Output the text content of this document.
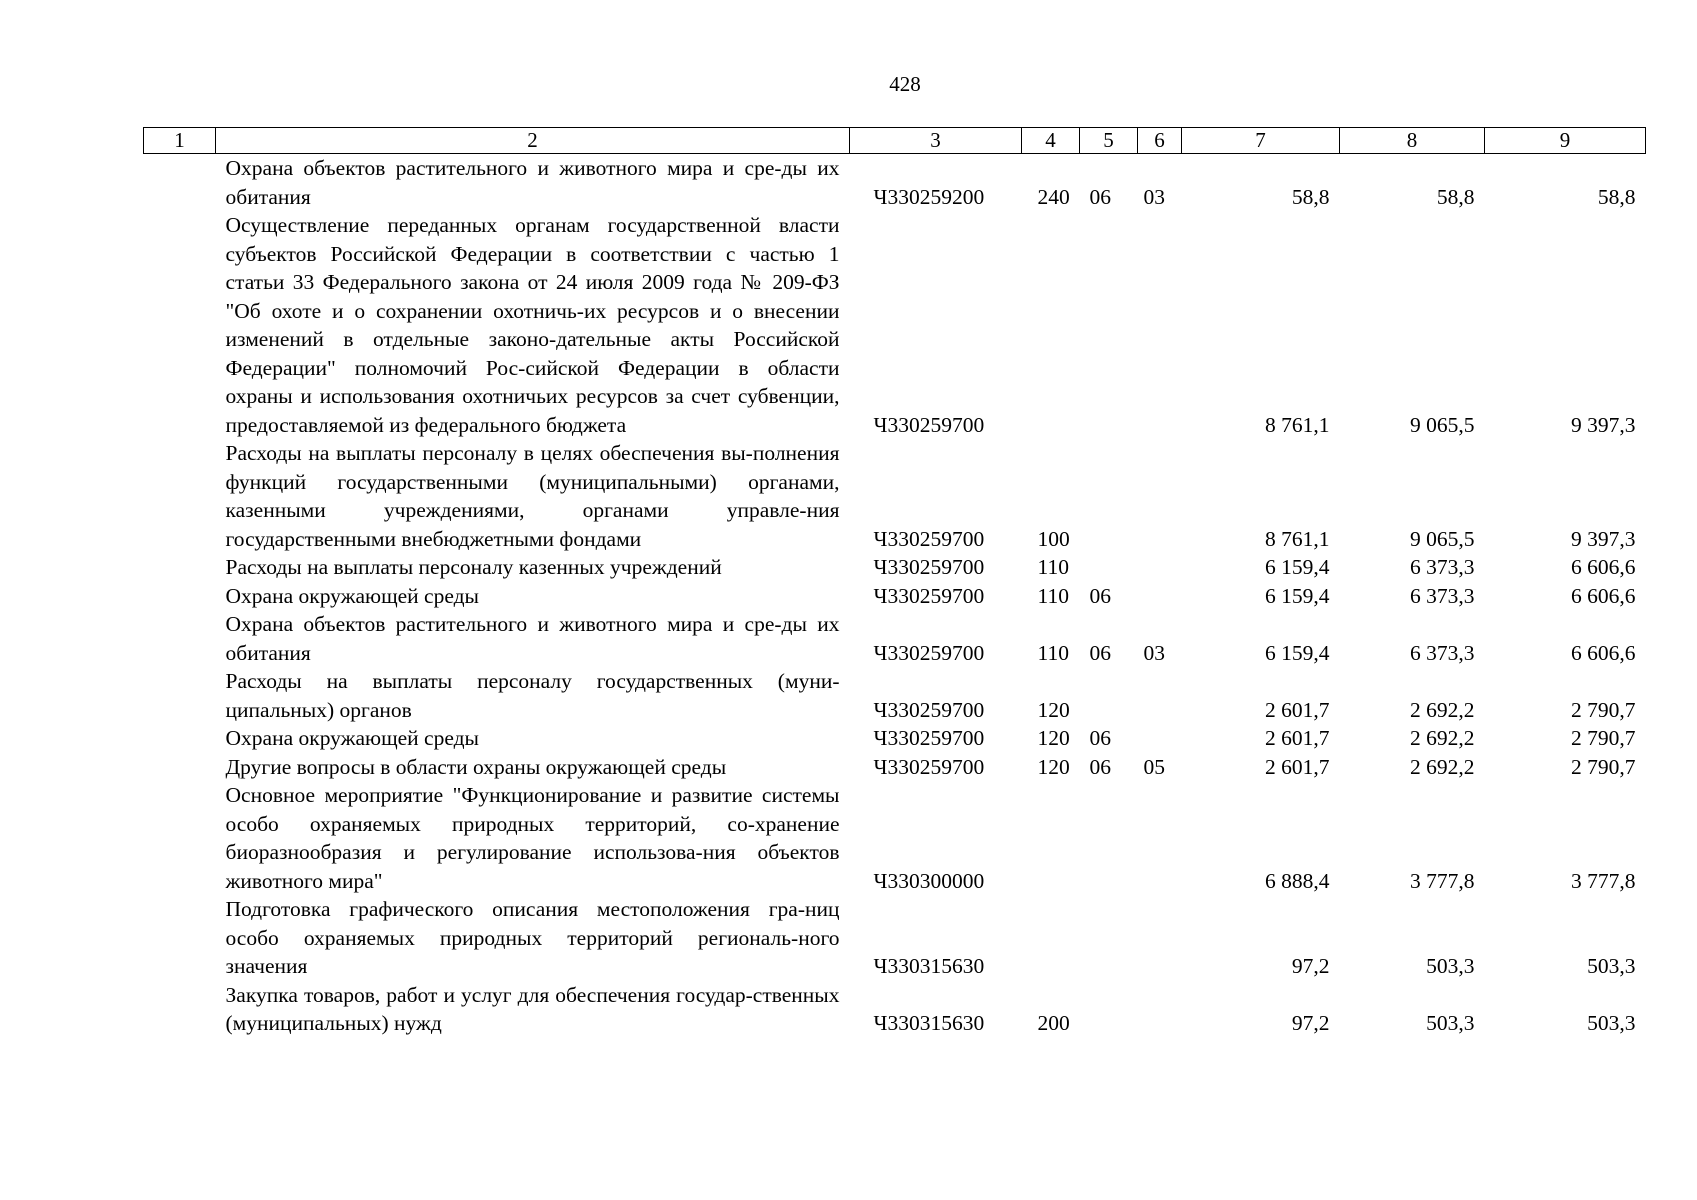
428
1	2	3	4	5	6	7	8	9
	Охрана объектов растительного и животного мира и сре-ды их обитания	Ч330259200	240	06	03	58,8	58,8	58,8
	Осуществление переданных органам государственной власти субъектов Российской Федерации в соответствии с частью 1 статьи 33 Федерального закона от 24 июля 2009 года № 209-ФЗ "Об охоте и о сохранении охотничь-их ресурсов и о внесении изменений в отдельные законо-дательные акты Российской Федерации" полномочий Рос-сийской Федерации в области охраны и использования охотничьих ресурсов за счет субвенции, предоставляемой из федерального бюджета	Ч330259700				8 761,1	9 065,5	9 397,3
	Расходы на выплаты персоналу в целях обеспечения вы-полнения функций государственными (муниципальными) органами, казенными учреждениями, органами управле-ния государственными внебюджетными фондами	Ч330259700	100			8 761,1	9 065,5	9 397,3
	Расходы на выплаты персоналу казенных учреждений	Ч330259700	110			6 159,4	6 373,3	6 606,6
	Охрана окружающей среды	Ч330259700	110	06		6 159,4	6 373,3	6 606,6
	Охрана объектов растительного и животного мира и сре-ды их обитания	Ч330259700	110	06	03	6 159,4	6 373,3	6 606,6
	Расходы на выплаты персоналу государственных (муни-ципальных) органов	Ч330259700	120			2 601,7	2 692,2	2 790,7
	Охрана окружающей среды	Ч330259700	120	06		2 601,7	2 692,2	2 790,7
	Другие вопросы в области охраны окружающей среды	Ч330259700	120	06	05	2 601,7	2 692,2	2 790,7
	Основное мероприятие "Функционирование и развитие системы особо охраняемых природных территорий, со-хранение биоразнообразия и регулирование использова-ния объектов животного мира"	Ч330300000				6 888,4	3 777,8	3 777,8
	Подготовка графического описания местоположения гра-ниц особо охраняемых природных территорий региональ-ного значения	Ч330315630				97,2	503,3	503,3
	Закупка товаров, работ и услуг для обеспечения государ-ственных (муниципальных) нужд	Ч330315630	200			97,2	503,3	503,3
